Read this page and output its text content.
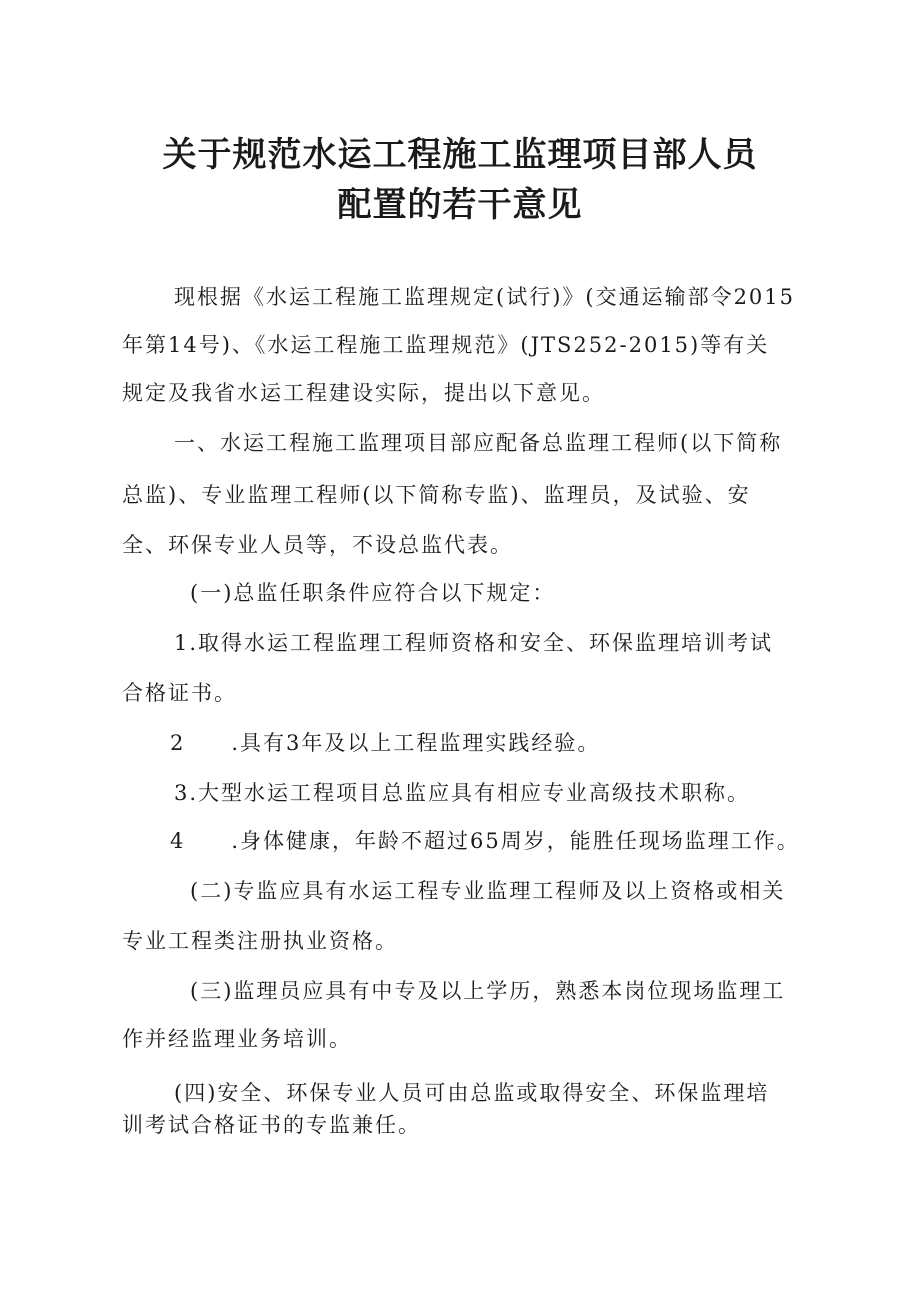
关于规范水运工程施工监理项目部人员
配置的若干意见
现根据《水运工程施工监理规定(试行)》(交通运输部令2015
年第14号)、《水运工程施工监理规范》(JTS252-2015)等有关
规定及我省水运工程建设实际，提出以下意见。
一、水运工程施工监理项目部应配备总监理工程师(以下简称
总监)、专业监理工程师(以下简称专监)、监理员，及试验、安
全、环保专业人员等，不设总监代表。
(一)总监任职条件应符合以下规定：
1.取得水运工程监理工程师资格和安全、环保监理培训考试
合格证书。
2　　.具有3年及以上工程监理实践经验。
3.大型水运工程项目总监应具有相应专业高级技术职称。
4　　.身体健康，年龄不超过65周岁，能胜任现场监理工作。
(二)专监应具有水运工程专业监理工程师及以上资格或相关
专业工程类注册执业资格。
(三)监理员应具有中专及以上学历，熟悉本岗位现场监理工
作并经监理业务培训。
(四)安全、环保专业人员可由总监或取得安全、环保监理培
训考试合格证书的专监兼任。
